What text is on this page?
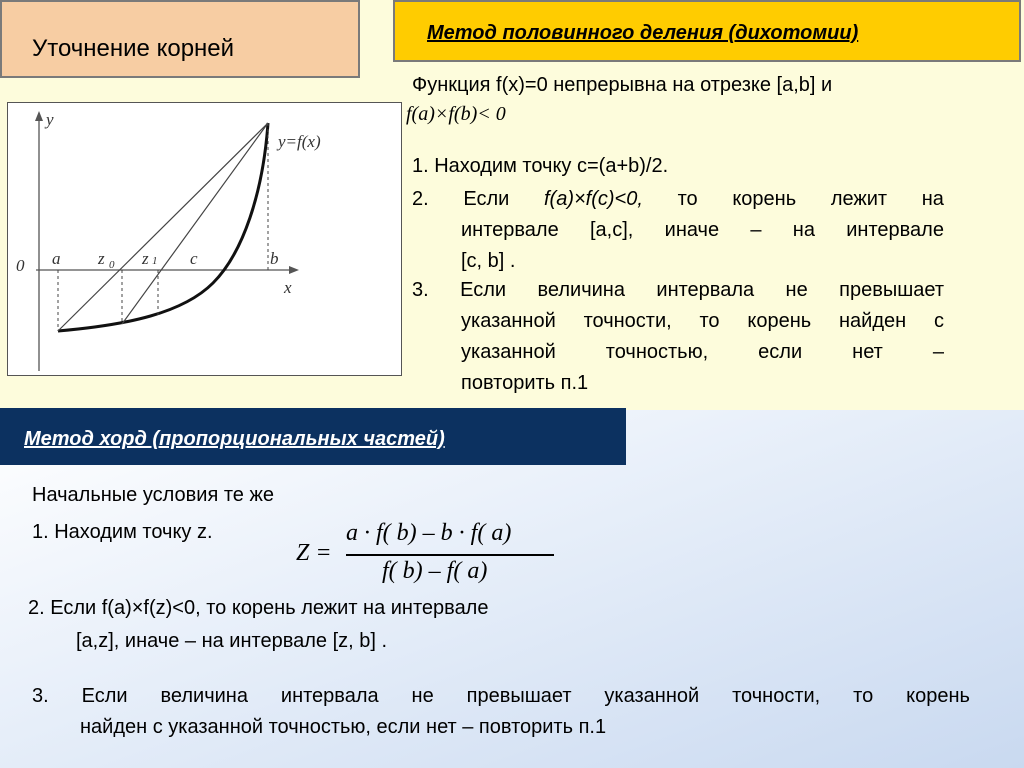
Уточнение корней
Метод половинного деления (дихотомии)
y
x
0
y=f(x)
a z 0 z 1 c	b
Функция f(x)=0 непрерывна на отрезке [a,b] и
f(a)×f(b)< 0
1. Находим точку c=(a+b)/2.
2. Если f(a)×f(c)<0, то корень лежит на
интервале [a,c], иначе – на интервале
[c, b] .
3. Если величина интервала не превышает
указанной точности, то корень найден с
указанной	точностью,	если	нет	–
повторить п.1
Метод хорд (пропорциональных частей)
Начальные условия те же
1. Находим точку z.
Z =
a · f( b) – b · f( a)
f( b) – f( a)
2. Если f(a)×f(z)<0, то корень лежит на интервале
[a,z], иначе – на интервале [z, b] .
3. Если величина интервала не превышает указанной точности, то корень
найден с указанной точностью, если нет – повторить п.1
